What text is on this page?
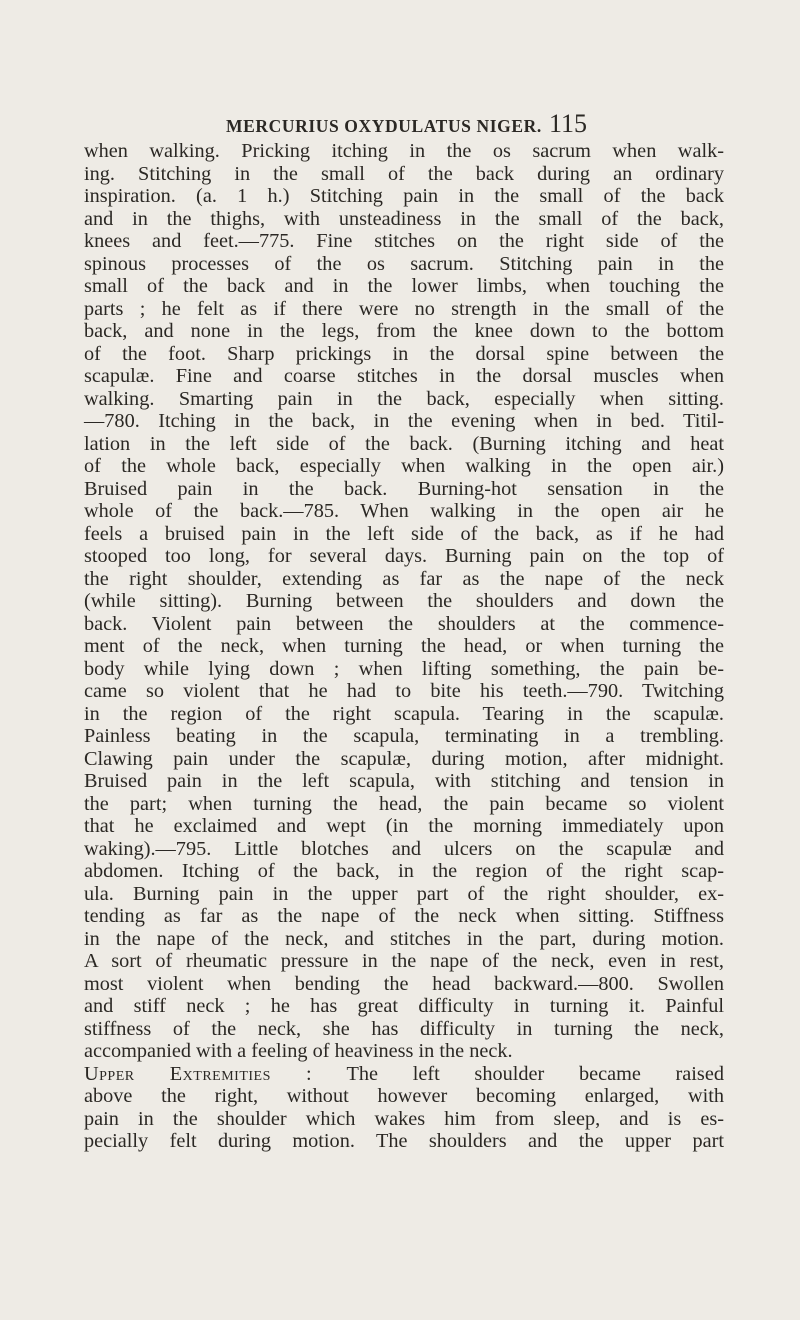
MERCURIUS OXYDULATUS NIGER. 115
when walking. Pricking itching in the os sacrum when walk-
ing. Stitching in the small of the back during an ordinary
inspiration. (a. 1 h.) Stitching pain in the small of the back
and in the thighs, with unsteadiness in the small of the back,
knees and feet.—775. Fine stitches on the right side of the
spinous processes of the os sacrum. Stitching pain in the
small of the back and in the lower limbs, when touching the
parts ; he felt as if there were no strength in the small of the
back, and none in the legs, from the knee down to the bottom
of the foot. Sharp prickings in the dorsal spine between the
scapulæ. Fine and coarse stitches in the dorsal muscles when
walking. Smarting pain in the back, especially when sitting.
—780. Itching in the back, in the evening when in bed. Titil-
lation in the left side of the back. (Burning itching and heat
of the whole back, especially when walking in the open air.)
Bruised pain in the back. Burning-hot sensation in the
whole of the back.—785. When walking in the open air he
feels a bruised pain in the left side of the back, as if he had
stooped too long, for several days. Burning pain on the top of
the right shoulder, extending as far as the nape of the neck
(while sitting). Burning between the shoulders and down the
back. Violent pain between the shoulders at the commence-
ment of the neck, when turning the head, or when turning the
body while lying down ; when lifting something, the pain be-
came so violent that he had to bite his teeth.—790. Twitching
in the region of the right scapula. Tearing in the scapulæ.
Painless beating in the scapula, terminating in a trembling.
Clawing pain under the scapulæ, during motion, after midnight.
Bruised pain in the left scapula, with stitching and tension in
the part; when turning the head, the pain became so violent
that he exclaimed and wept (in the morning immediately upon
waking).—795. Little blotches and ulcers on the scapulæ and
abdomen. Itching of the back, in the region of the right scap-
ula. Burning pain in the upper part of the right shoulder, ex-
tending as far as the nape of the neck when sitting. Stiffness
in the nape of the neck, and stitches in the part, during motion.
A sort of rheumatic pressure in the nape of the neck, even in rest,
most violent when bending the head backward.—800. Swollen
and stiff neck ; he has great difficulty in turning it. Painful
stiffness of the neck, she has difficulty in turning the neck,
accompanied with a feeling of heaviness in the neck.
Upper Extremities : The left shoulder became raised
above the right, without however becoming enlarged, with
pain in the shoulder which wakes him from sleep, and is es-
pecially felt during motion. The shoulders and the upper part
